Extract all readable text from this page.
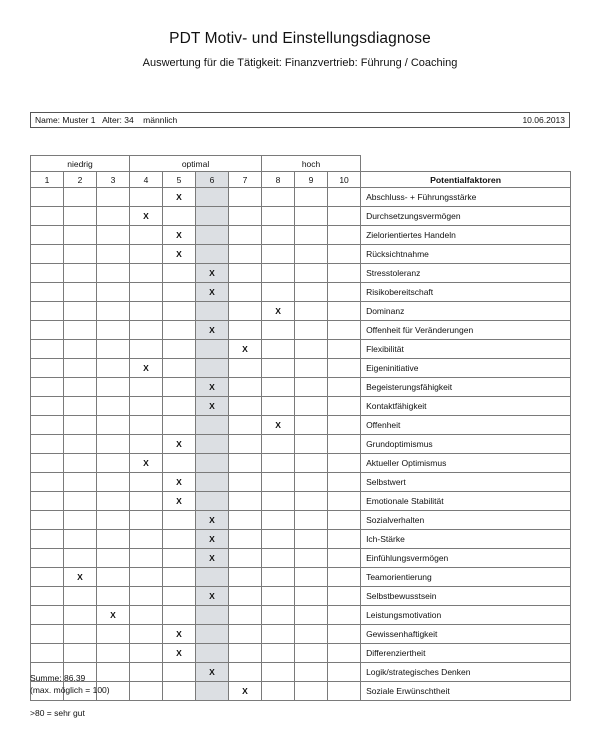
PDT Motiv- und Einstellungsdiagnose
Auswertung für die Tätigkeit: Finanzvertrieb: Führung / Coaching
Name: Muster 1   Alter: 34    männlich	10.06.2013
niedrig			optimal				hoch			
1	2	3	4	5	6	7	8	9	10	Potentialfaktoren
				X						Abschluss- + Führungsstärke
			X							Durchsetzungsvermögen
				X						Zielorientiertes Handeln
				X						Rücksichtnahme
					X					Stresstoleranz
					X					Risikobereitschaft
							X			Dominanz
					X					Offenheit für Veränderungen
						X				Flexibilität
			X							Eigeninitiative
					X					Begeisterungsfähigkeit
					X					Kontaktfähigkeit
							X			Offenheit
				X						Grundoptimismus
			X							Aktueller Optimismus
				X						Selbstwert
				X						Emotionale Stabilität
					X					Sozialverhalten
					X					Ich-Stärke
					X					Einfühlungsvermögen
	X									Teamorientierung
					X					Selbstbewusstsein
		X								Leistungsmotivation
				X						Gewissenhaftigkeit
				X						Differenziertheit
					X					Logik/strategisches Denken
						X				Soziale Erwünschtheit
Summe: 86.39
(max. möglich = 100)
>80 = sehr gut
